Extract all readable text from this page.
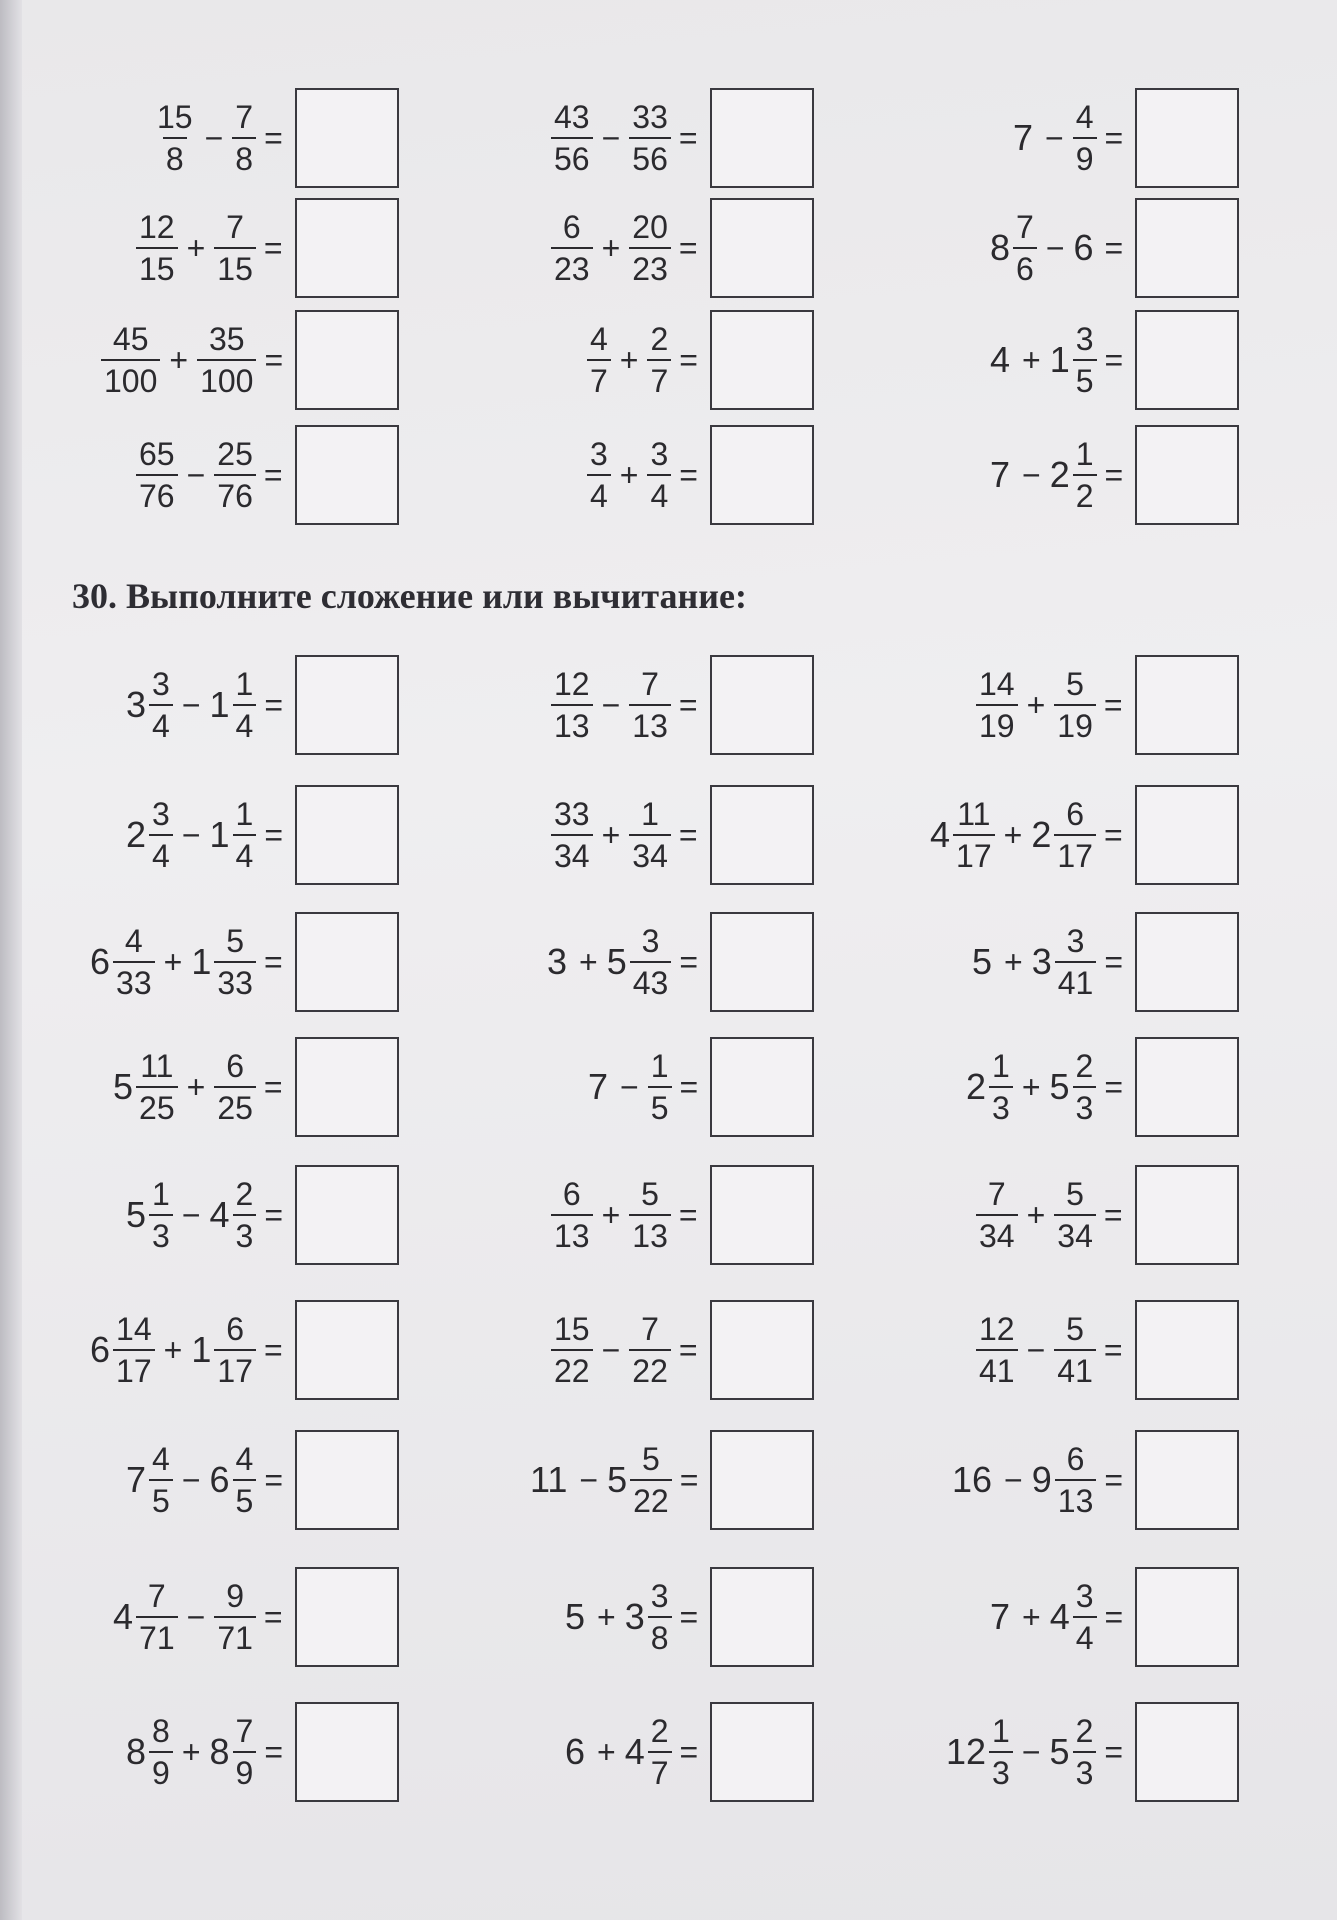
30. Выполните сложение или вычитание:
$\frac{15}{8} - \frac{7}{8}$ =	$\frac{43}{56} - \frac{33}{56}$ =	$7 - \frac{4}{9}$ =
$\frac{12}{15} + \frac{7}{15}$ =	$\frac{6}{23} + \frac{20}{23}$ =	$8 \frac{7}{6} - 6$ =
$\frac{45}{100} + \frac{35}{100}$ =	$\frac{4}{7} + \frac{2}{7}$ =	$4 + 1 \frac{3}{5}$ =
$\frac{65}{76} - \frac{25}{76}$ =	$\frac{3}{4} + \frac{3}{4}$ =	$7 - 2 \frac{1}{2}$ =
$3 \frac{3}{4} - 1 \frac{1}{4}$ =	$\frac{12}{13} - \frac{7}{13}$ =	$\frac{14}{19} + \frac{5}{19}$ =
$2 \frac{3}{4} - 1 \frac{1}{4}$ =	$\frac{33}{34} + \frac{1}{34}$ =	$4 \frac{11}{17} + 2 \frac{6}{17}$ =
$6 \frac{4}{33} + 1 \frac{5}{33}$ =	$3 + 5 \frac{3}{43}$ =	$5 + 3 \frac{3}{41}$ =
$5 \frac{11}{25} + \frac{6}{25}$ =	$7 - \frac{1}{5}$ =	$2 \frac{1}{3} + 5 \frac{2}{3}$ =
$5 \frac{1}{3} - 4 \frac{2}{3}$ =	$\frac{6}{13} + \frac{5}{13}$ =	$\frac{7}{34} + \frac{5}{34}$ =
$6 \frac{14}{17} + 1 \frac{6}{17}$ =	$\frac{15}{22} - \frac{7}{22}$ =	$\frac{12}{41} - \frac{5}{41}$ =
$7 \frac{4}{5} - 6 \frac{4}{5}$ =	$11 - 5 \frac{5}{22}$ =	$16 - 9 \frac{6}{13}$ =
$4 \frac{7}{71} - \frac{9}{71}$ =	$5 + 3 \frac{3}{8}$ =	$7 + 4 \frac{3}{4}$ =
$8 \frac{8}{9} + 8 \frac{7}{9}$ =	$6 + 4 \frac{2}{7}$ =	$12 \frac{1}{3} - 5 \frac{2}{3}$ =
